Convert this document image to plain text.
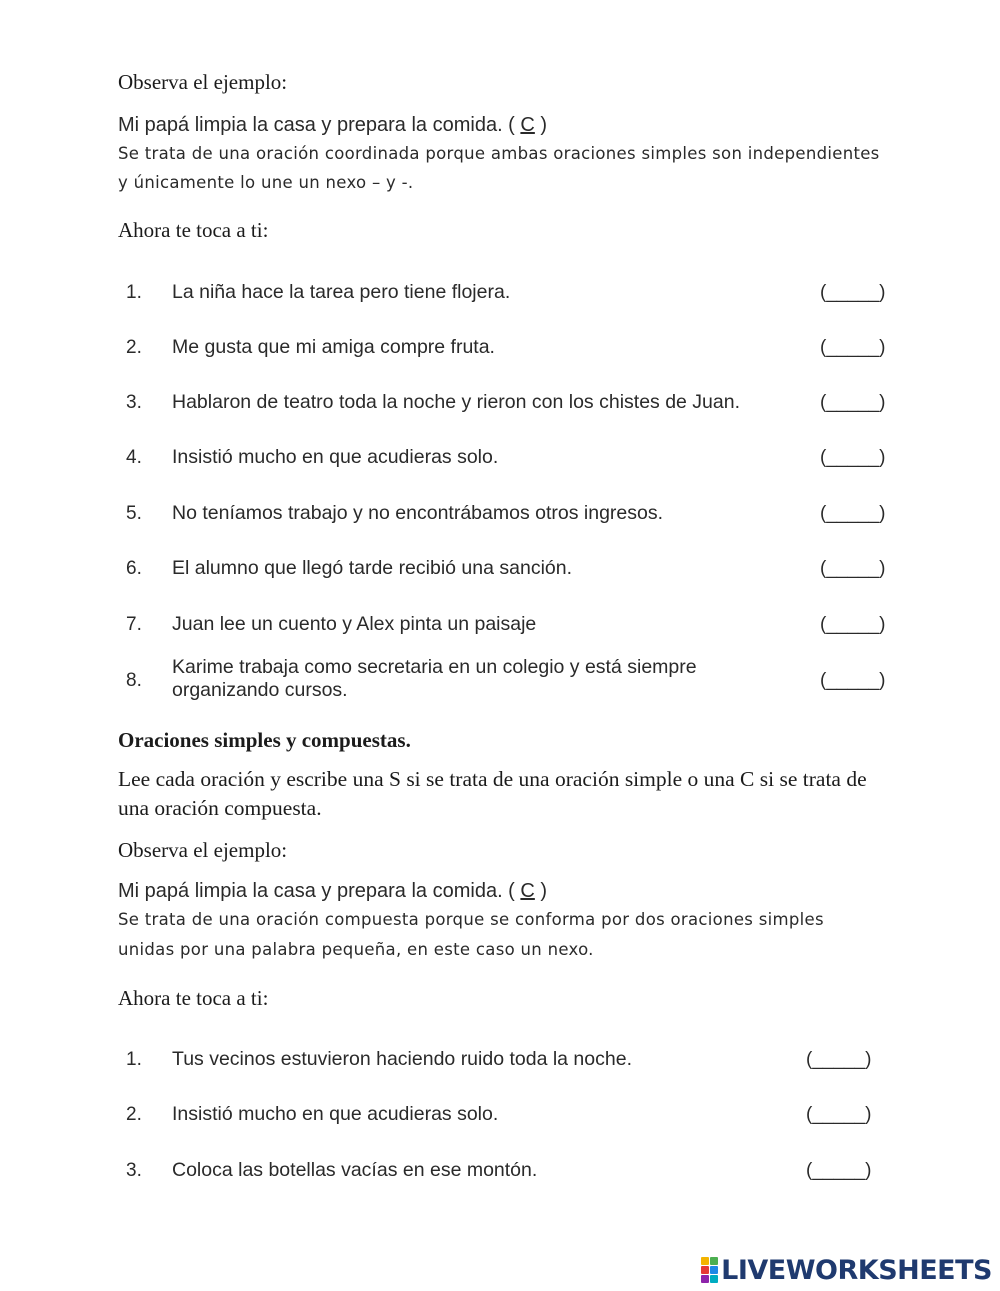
Observa el ejemplo:
Mi papá limpia la casa y prepara la comida. ( C )
Se trata de una oración coordinada porque ambas oraciones simples son independientes
y únicamente lo une un nexo – y -.
Ahora te toca a ti:
1. La niña hace la tarea pero tiene flojera.	(_____)
2. Me gusta que mi amiga compre fruta.	(_____)
3. Hablaron de teatro toda la noche y rieron con los chistes de Juan.	(_____)
4. Insistió mucho en que acudieras solo.	(_____)
5. No teníamos trabajo y no encontrábamos otros ingresos.	(_____)
6. El alumno que llegó tarde recibió una sanción.	(_____)
7. Juan lee un cuento y Alex pinta un paisaje	(_____)
8.
Karime trabaja como secretaria en un colegio y está siempre
organizando cursos.	(_____)
Oraciones simples y compuestas.
Lee cada oración y escribe una S si se trata de una oración simple o una C si se trata de una oración compuesta.
Observa el ejemplo:
Mi papá limpia la casa y prepara la comida. ( C )
Se trata de una oración compuesta porque se conforma por dos oraciones simples
unidas por una palabra pequeña, en este caso un nexo.
Ahora te toca a ti:
1. Tus vecinos estuvieron haciendo ruido toda la noche.	(_____)
2. Insistió mucho en que acudieras solo.	(_____)
3. Coloca las botellas vacías en ese montón.	(_____)
LIVEWORKSHEETS
